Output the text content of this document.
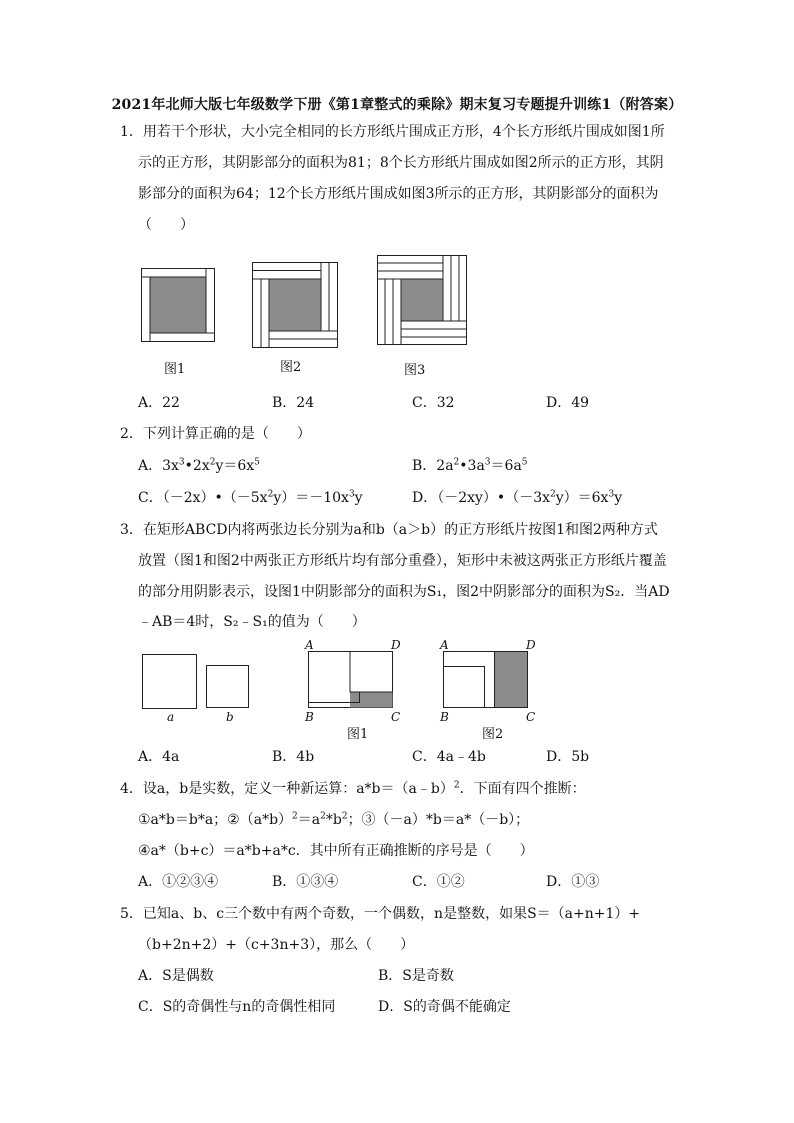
2021年北师大版七年级数学下册《第1章整式的乘除》期末复习专题提升训练1（附答案）
1．用若干个形状，大小完全相同的长方形纸片围成正方形，4个长方形纸片围成如图1所
示的正方形，其阴影部分的面积为81；8个长方形纸片围成如图2所示的正方形，其阴
影部分的面积为64；12个长方形纸片围成如图3所示的正方形，其阴影部分的面积为
（　　）
图1	图2	图3
A．22	B．24	C．32	D．49
2．下列计算正确的是（　　）
A．$3x^3•2x^2y=6x^5$	B．$2a^2•3a^3=6a^5$
C．$(-2x)•(-5x^2y)=-10x^3y$	D．$(-2xy)•(-3x^2y)=6x^3y$
3．在矩形ABCD内将两张边长分别为a和b（a＞b）的正方形纸片按图1和图2两种方式
放置（图1和图2中两张正方形纸片均有部分重叠），矩形中未被这两张正方形纸片覆盖
的部分用阴影表示，设图1中阴影部分的面积为S₁，图2中阴影部分的面积为S₂．当AD
﹣AB＝4时，S₂﹣S₁的值为（　　）
a	b
A	D
B	C
图1
A	D
B	C
图2
A．4a	B．4b	C．4a﹣4b	D．5b
4．设a，b是实数，定义一种新运算：a*b＝（a﹣b）$^2$．下面有四个推断：
①a*b＝b*a；$②(a*b)^2=a^2*b^2$；③（－a）*b＝a*（－b）；
④a*（b+c）＝a*b+a*c．其中所有正确推断的序号是（　　）
A．①②③④	B．①③④	C．①②	D．①③
5．已知a、b、c三个数中有两个奇数，一个偶数，n是整数，如果S＝（a+n+1）+
（b+2n+2）+（c+3n+3），那么（　　）
A．S是偶数	B．S是奇数
C．S的奇偶性与n的奇偶性相同	D．S的奇偶不能确定
